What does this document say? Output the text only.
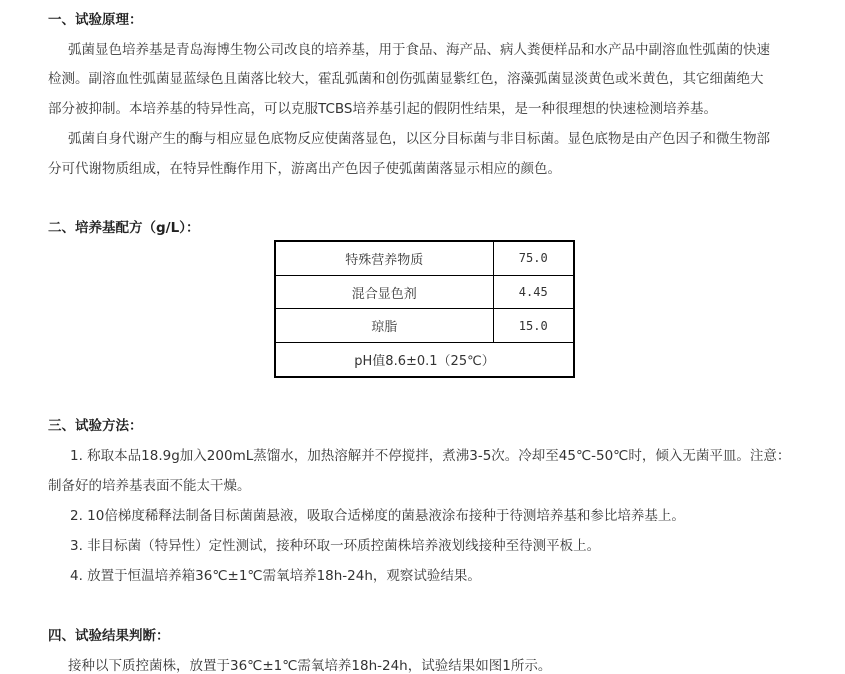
一、试验原理：

弧菌显色培养基是青岛海博生物公司改良的培养基，用于食品、海产品、病人粪便样品和水产品中副溶血性弧菌的快速

检测。副溶血性弧菌显蓝绿色且菌落比较大，霍乱弧菌和创伤弧菌显紫红色，溶藻弧菌显淡黄色或米黄色，其它细菌绝大

部分被抑制。本培养基的特异性高，可以克服TCBS培养基引起的假阴性结果，是一种很理想的快速检测培养基。

弧菌自身代谢产生的酶与相应显色底物反应使菌落显色，以区分目标菌与非目标菌。显色底物是由产色因子和微生物部

分可代谢物质组成，在特异性酶作用下，游离出产色因子使弧菌菌落显示相应的颜色。

二、培养基配方（g/L）：
特殊营养物质	75.0
混合显色剂	4.45
琼脂	15.0
pH值8.6±0.1（25℃）	
三、试验方法：

1. 称取本品18.9g加入200mL蒸馏水，加热溶解并不停搅拌，煮沸3-5次。冷却至45℃-50℃时，倾入无菌平皿。注意：

制备好的培养基表面不能太干燥。

2. 10倍梯度稀释法制备目标菌菌悬液，吸取合适梯度的菌悬液涂布接种于待测培养基和参比培养基上。

3. 非目标菌（特异性）定性测试，接种环取一环质控菌株培养液划线接种至待测平板上。

4. 放置于恒温培养箱36℃±1℃需氧培养18h-24h，观察试验结果。

四、试验结果判断：

接种以下质控菌株，放置于36℃±1℃需氧培养18h-24h，试验结果如图1所示。
